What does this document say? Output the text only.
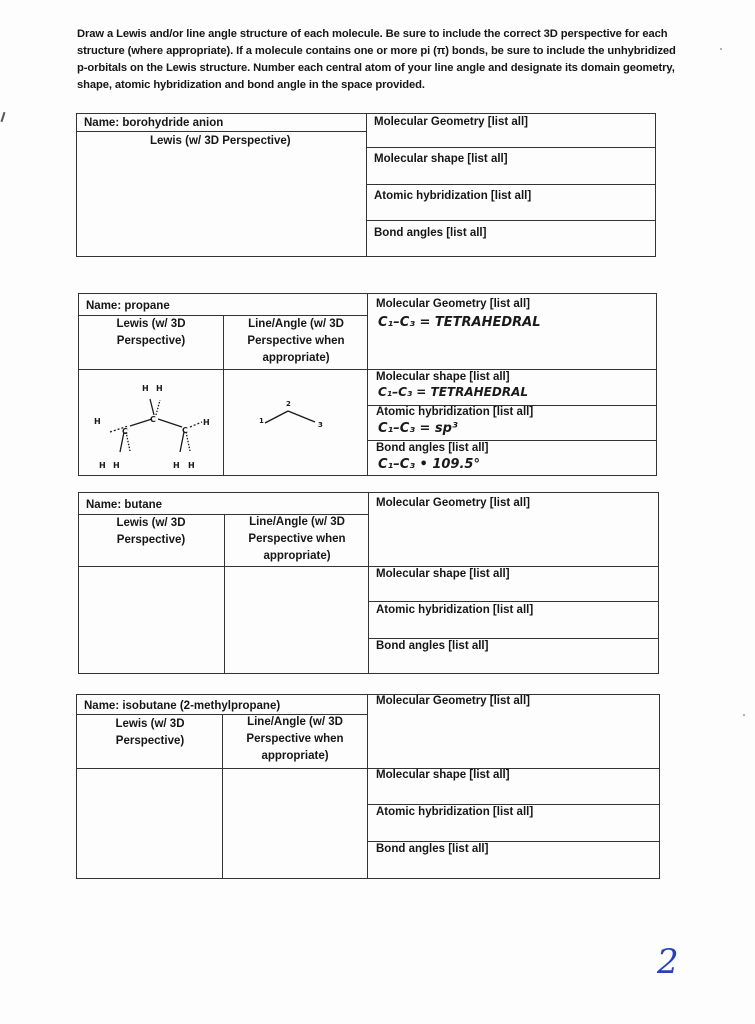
Draw a Lewis and/or line angle structure of each molecule. Be sure to include the correct 3D perspective for each structure (where appropriate). If a molecule contains one or more pi (π) bonds, be sure to include the unhybridized p-orbitals on the Lewis structure. Number each central atom of your line angle and designate its domain geometry, shape, atomic hybridization and bond angle in the space provided.
Name: borohydride anion
Lewis (w/ 3D Perspective)
Molecular Geometry [list all]
Molecular shape [list all]
Atomic hybridization [list all]
Bond angles [list all]
Name: propane
Lewis (w/ 3D
Perspective)
Line/Angle (w/ 3D
Perspective when
appropriate)
Molecular Geometry [list all]
C₁–C₃ = TETRAHEDRAL
Molecular shape [list all]
C₁–C₃ = TETRAHEDRAL
Atomic hybridization [list all]
C₁–C₃ = sp³
Bond angles [list all]
C₁–C₃ • 109.5°
H
C
C
C
H
H H
H H	H H
1
2
3
Name: butane
Lewis (w/ 3D
Perspective)
Line/Angle (w/ 3D
Perspective when
appropriate)
Molecular Geometry [list all]
Molecular shape [list all]
Atomic hybridization [list all]
Bond angles [list all]
Name: isobutane (2-methylpropane)
Lewis (w/ 3D
Perspective)
Line/Angle (w/ 3D
Perspective when
appropriate)
Molecular Geometry [list all]
Molecular shape [list all]
Atomic hybridization [list all]
Bond angles [list all]
2
